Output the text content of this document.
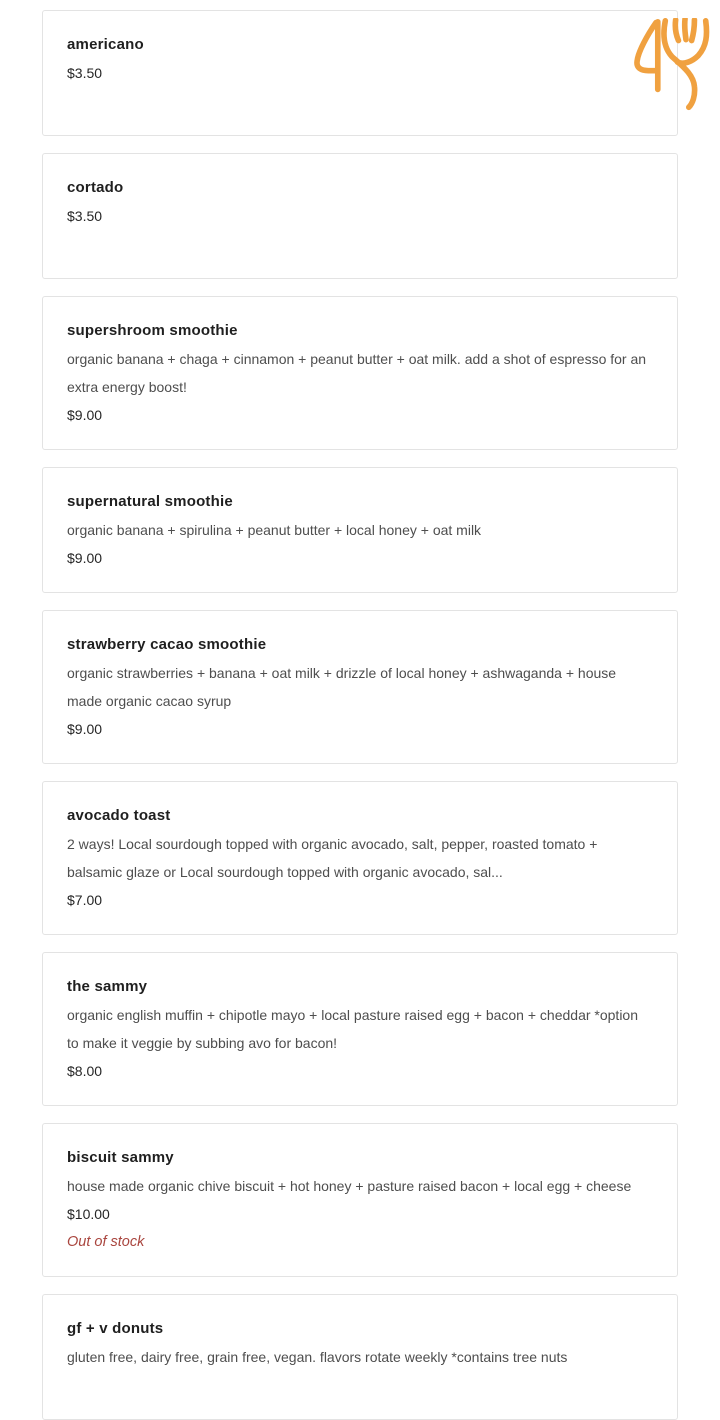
americano

$3.50

cortado

$3.50

supershroom smoothie

organic banana + chaga + cinnamon + peanut butter + oat milk. add a shot of espresso for an extra energy boost!

$9.00

supernatural smoothie

organic banana + spirulina + peanut butter + local honey + oat milk

$9.00

strawberry cacao smoothie

organic strawberries + banana + oat milk + drizzle of local honey + ashwaganda + house made organic cacao syrup

$9.00

avocado toast

2 ways! Local sourdough topped with organic avocado, salt, pepper, roasted tomato + balsamic glaze or Local sourdough topped with organic avocado, sal...

$7.00

the sammy

organic english muffin + chipotle mayo + local pasture raised egg + bacon + cheddar *option to make it veggie by subbing avo for bacon!

$8.00

biscuit sammy

house made organic chive biscuit + hot honey + pasture raised bacon + local egg + cheese

$10.00

Out of stock

gf + v donuts

gluten free, dairy free, grain free, vegan. flavors rotate weekly *contains tree nuts
